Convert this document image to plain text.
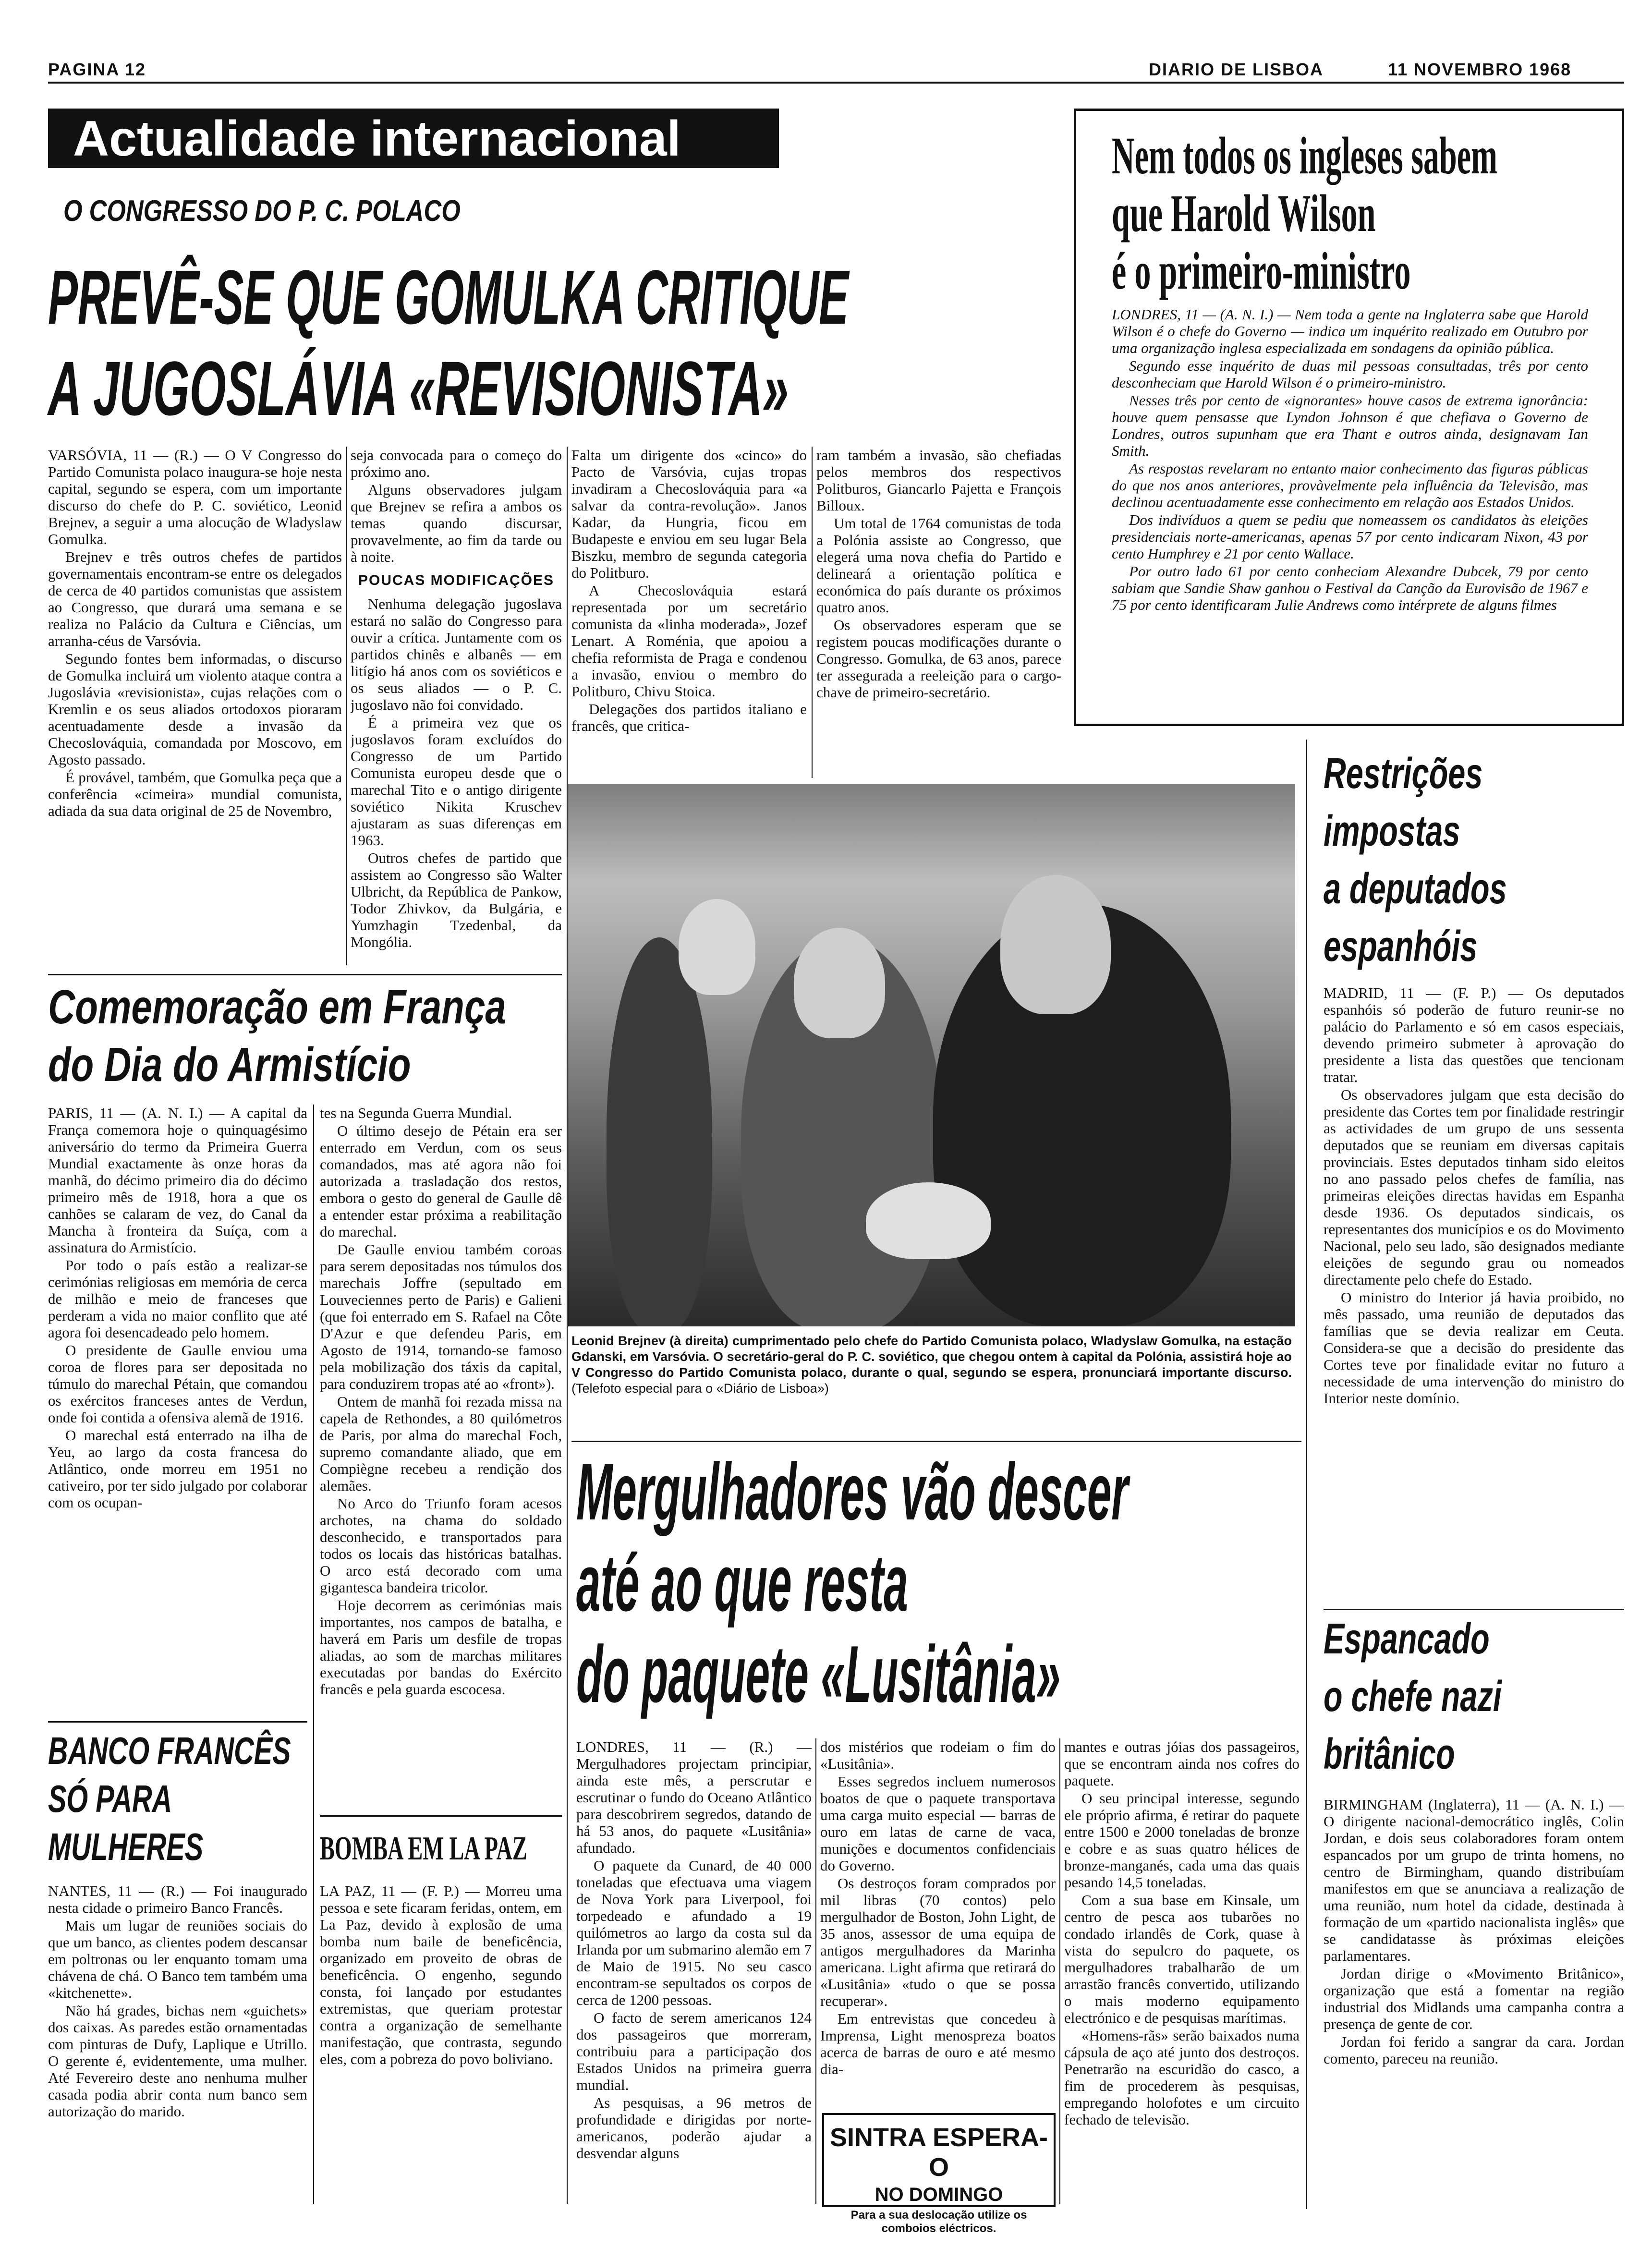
PAGINA 12	DIARIO DE LISBOA	11 NOVEMBRO 1968
Actualidade internacional
O CONGRESSO DO P. C. POLACO
PREVÊ-SE QUE GOMULKA CRITIQUE
A JUGOSLÁVIA «REVISIONISTA»

VARSÓVIA, 11 — (R.) — O V Congresso do Partido Comunista polaco inaugura-se hoje nesta capital, segundo se espera, com um importante discurso do chefe do P. C. soviético, Leonid Brejnev, a seguir a uma alocução de Wladyslaw Gomulka.

Brejnev e três outros chefes de partidos governamentais encontram-se entre os delegados de cerca de 40 partidos comunistas que assistem ao Congresso, que durará uma semana e se realiza no Palácio da Cultura e Ciências, um arranha-céus de Varsóvia.

Segundo fontes bem informadas, o discurso de Gomulka incluirá um violento ataque contra a Jugoslávia «revisionista», cujas relações com o Kremlin e os seus aliados ortodoxos pioraram acentuadamente desde a invasão da Checoslováquia, comandada por Moscovo, em Agosto passado.

É provável, também, que Gomulka peça que a conferência «cimeira» mundial comunista, adiada da sua data original de 25 de Novembro,

seja convocada para o começo do próximo ano.

Alguns observadores julgam que Brejnev se refira a ambos os temas quando discursar, provavelmente, ao fim da tarde ou à noite.

POUCAS MODIFICAÇÕES

Nenhuma delegação jugoslava estará no salão do Congresso para ouvir a crítica. Juntamente com os partidos chinês e albanês — em litígio há anos com os soviéticos e os seus aliados — o P. C. jugoslavo não foi convidado.

É a primeira vez que os jugoslavos foram excluídos do Congresso de um Partido Comunista europeu desde que o marechal Tito e o antigo dirigente soviético Nikita Kruschev ajustaram as suas diferenças em 1963.

Outros chefes de partido que assistem ao Congresso são Walter Ulbricht, da República de Pankow, Todor Zhivkov, da Bulgária, e Yumzhagin Tzedenbal, da Mongólia.

Falta um dirigente dos «cinco» do Pacto de Varsóvia, cujas tropas invadiram a Checoslováquia para «a salvar da contra-revolução». Janos Kadar, da Hungria, ficou em Budapeste e enviou em seu lugar Bela Biszku, membro de segunda categoria do Politburo.

A Checoslováquia estará representada por um secretário comunista da «linha moderada», Jozef Lenart. A Roménia, que apoiou a chefia reformista de Praga e condenou a invasão, enviou o membro do Politburo, Chivu Stoica.

Delegações dos partidos italiano e francês, que critica-

ram também a invasão, são chefiadas pelos membros dos respectivos Politburos, Giancarlo Pajetta e François Billoux.

Um total de 1764 comunistas de toda a Polónia assiste ao Congresso, que elegerá uma nova chefia do Partido e delineará a orientação política e económica do país durante os próximos quatro anos.

Os observadores esperam que se registem poucas modificações durante o Congresso. Gomulka, de 63 anos, parece ter assegurada a reeleição para o cargo-chave de primeiro-secretário.

Nem todos os ingleses sabem
que Harold Wilson
é o primeiro-ministro

LONDRES, 11 — (A. N. I.) — Nem toda a gente na Inglaterra sabe que Harold Wilson é o chefe do Governo — indica um inquérito realizado em Outubro por uma organização inglesa especializada em sondagens da opinião pública.

Segundo esse inquérito de duas mil pessoas consultadas, três por cento desconheciam que Harold Wilson é o primeiro-ministro.

Nesses três por cento de «ignorantes» houve casos de extrema ignorância: houve quem pensasse que Lyndon Johnson é que chefiava o Governo de Londres, outros supunham que era Thant e outros ainda, designavam Ian Smith.

As respostas revelaram no entanto maior conhecimento das figuras públicas do que nos anos anteriores, provàvelmente pela influência da Televisão, mas declinou acentuadamente esse conhecimento em relação aos Estados Unidos.

Dos indivíduos a quem se pediu que nomeassem os candidatos às eleições presidenciais norte-americanas, apenas 57 por cento indicaram Nixon, 43 por cento Humphrey e 21 por cento Wallace.

Por outro lado 61 por cento conheciam Alexandre Dubcek, 79 por cento sabiam que Sandie Shaw ganhou o Festival da Canção da Eurovisão de 1967 e 75 por cento identificaram Julie Andrews como intérprete de alguns filmes

Leonid Brejnev (à direita) cumprimentado pelo chefe do Partido Comunista polaco, Wladyslaw Gomulka, na estação Gdanski, em Varsóvia. O secretário-geral do P. C. soviético, que chegou ontem à capital da Polónia, assistirá hoje ao V Congresso do Partido Comunista polaco, durante o qual, segundo se espera, pronunciará importante discurso. (Telefoto especial para o «Diário de Lisboa»)

Comemoração em França
do Dia do Armistício

PARIS, 11 — (A. N. I.) — A capital da França comemora hoje o quinquagésimo aniversário do termo da Primeira Guerra Mundial exactamente às onze horas da manhã, do décimo primeiro dia do décimo primeiro mês de 1918, hora a que os canhões se calaram de vez, do Canal da Mancha à fronteira da Suíça, com a assinatura do Armistício.

Por todo o país estão a realizar-se cerimónias religiosas em memória de cerca de milhão e meio de franceses que perderam a vida no maior conflito que até agora foi desencadeado pelo homem.

O presidente de Gaulle enviou uma coroa de flores para ser depositada no túmulo do marechal Pétain, que comandou os exércitos franceses antes de Verdun, onde foi contida a ofensiva alemã de 1916.

O marechal está enterrado na ilha de Yeu, ao largo da costa francesa do Atlântico, onde morreu em 1951 no cativeiro, por ter sido julgado por colaborar com os ocupan-

tes na Segunda Guerra Mundial.

O último desejo de Pétain era ser enterrado em Verdun, com os seus comandados, mas até agora não foi autorizada a trasladação dos restos, embora o gesto do general de Gaulle dê a entender estar próxima a reabilitação do marechal.

De Gaulle enviou também coroas para serem depositadas nos túmulos dos marechais Joffre (sepultado em Louveciennes perto de Paris) e Galieni (que foi enterrado em S. Rafael na Côte D'Azur e que defendeu Paris, em Agosto de 1914, tornando-se famoso pela mobilização dos táxis da capital, para conduzirem tropas até ao «front»).

Ontem de manhã foi rezada missa na capela de Rethondes, a 80 quilómetros de Paris, por alma do marechal Foch, supremo comandante aliado, que em Compiègne recebeu a rendição dos alemães.

No Arco do Triunfo foram acesos archotes, na chama do soldado desconhecido, e transportados para todos os locais das históricas batalhas. O arco está decorado com uma gigantesca bandeira tricolor.

Hoje decorrem as cerimónias mais importantes, nos campos de batalha, e haverá em Paris um desfile de tropas aliadas, ao som de marchas militares executadas por bandas do Exército francês e pela guarda escocesa.

BANCO FRANCÊS
SÓ PARA
MULHERES

NANTES, 11 — (R.) — Foi inaugurado nesta cidade o primeiro Banco Francês.

Mais um lugar de reuniões sociais do que um banco, as clientes podem descansar em poltronas ou ler enquanto tomam uma chávena de chá. O Banco tem também uma «kitchenette».

Não há grades, bichas nem «guichets» dos caixas. As paredes estão ornamentadas com pinturas de Dufy, Laplique e Utrillo. O gerente é, evidentemente, uma mulher. Até Fevereiro deste ano nenhuma mulher casada podia abrir conta num banco sem autorização do marido.

BOMBA EM LA PAZ

LA PAZ, 11 — (F. P.) — Morreu uma pessoa e sete ficaram feridas, ontem, em La Paz, devido à explosão de uma bomba num baile de beneficência, organizado em proveito de obras de beneficência. O engenho, segundo consta, foi lançado por estudantes extremistas, que queriam protestar contra a organização de semelhante manifestação, que contrasta, segundo eles, com a pobreza do povo boliviano.

Restrições
impostas
a deputados
espanhóis

MADRID, 11 — (F. P.) — Os deputados espanhóis só poderão de futuro reunir-se no palácio do Parlamento e só em casos especiais, devendo primeiro submeter à aprovação do presidente a lista das questões que tencionam tratar.

Os observadores julgam que esta decisão do presidente das Cortes tem por finalidade restringir as actividades de um grupo de uns sessenta deputados que se reuniam em diversas capitais provinciais. Estes deputados tinham sido eleitos no ano passado pelos chefes de família, nas primeiras eleições directas havidas em Espanha desde 1936. Os deputados sindicais, os representantes dos municípios e os do Movimento Nacional, pelo seu lado, são designados mediante eleições de segundo grau ou nomeados directamente pelo chefe do Estado.

O ministro do Interior já havia proibido, no mês passado, uma reunião de deputados das famílias que se devia realizar em Ceuta. Considera-se que a decisão do presidente das Cortes teve por finalidade evitar no futuro a necessidade de uma intervenção do ministro do Interior neste domínio.

Mergulhadores vão descer
até ao que resta
do paquete «Lusitânia»

LONDRES, 11 — (R.) — Mergulhadores projectam principiar, ainda este mês, a perscrutar e escrutinar o fundo do Oceano Atlântico para descobrirem segredos, datando de há 53 anos, do paquete «Lusitânia» afundado.

O paquete da Cunard, de 40 000 toneladas que efectuava uma viagem de Nova York para Liverpool, foi torpedeado e afundado a 19 quilómetros ao largo da costa sul da Irlanda por um submarino alemão em 7 de Maio de 1915. No seu casco encontram-se sepultados os corpos de cerca de 1200 pessoas.

O facto de serem americanos 124 dos passageiros que morreram, contribuiu para a participação dos Estados Unidos na primeira guerra mundial.

As pesquisas, a 96 metros de profundidade e dirigidas por norte-americanos, poderão ajudar a desvendar alguns

dos mistérios que rodeiam o fim do «Lusitânia».

Esses segredos incluem numerosos boatos de que o paquete transportava uma carga muito especial — barras de ouro em latas de carne de vaca, munições e documentos confidenciais do Governo.

Os destroços foram comprados por mil libras (70 contos) pelo mergulhador de Boston, John Light, de 35 anos, assessor de uma equipa de antigos mergulhadores da Marinha americana. Light afirma que retirará do «Lusitânia» «tudo o que se possa recuperar».

Em entrevistas que concedeu à Imprensa, Light menospreza boatos acerca de barras de ouro e até mesmo dia-

mantes e outras jóias dos passageiros, que se encontram ainda nos cofres do paquete.

O seu principal interesse, segundo ele próprio afirma, é retirar do paquete entre 1500 e 2000 toneladas de bronze e cobre e as suas quatro hélices de bronze-manganés, cada uma das quais pesando 14,5 toneladas.

Com a sua base em Kinsale, um centro de pesca aos tubarões no condado irlandês de Cork, quase à vista do sepulcro do paquete, os mergulhadores trabalharão de um arrastão francês convertido, utilizando o mais moderno equipamento electrónico e de pesquisas marítimas.

«Homens-rãs» serão baixados numa cápsula de aço até junto dos destroços. Penetrarão na escuridão do casco, a fim de procederem às pesquisas, empregando holofotes e um circuito fechado de televisão.

SINTRA ESPERA-O
NO DOMINGO
Para a sua deslocação utilize os comboios eléctricos.
Espancado
o chefe nazi
britânico

BIRMINGHAM (Inglaterra), 11 — (A. N. I.) — O dirigente nacional-democrático inglês, Colin Jordan, e dois seus colaboradores foram ontem espancados por um grupo de trinta homens, no centro de Birmingham, quando distribuíam manifestos em que se anunciava a realização de uma reunião, num hotel da cidade, destinada à formação de um «partido nacionalista inglês» que se candidatasse às próximas eleições parlamentares.

Jordan dirige o «Movimento Britânico», organização que está a fomentar na região industrial dos Midlands uma campanha contra a presença de gente de cor.

Jordan foi ferido a sangrar da cara. Jordan comento, pareceu na reunião.
